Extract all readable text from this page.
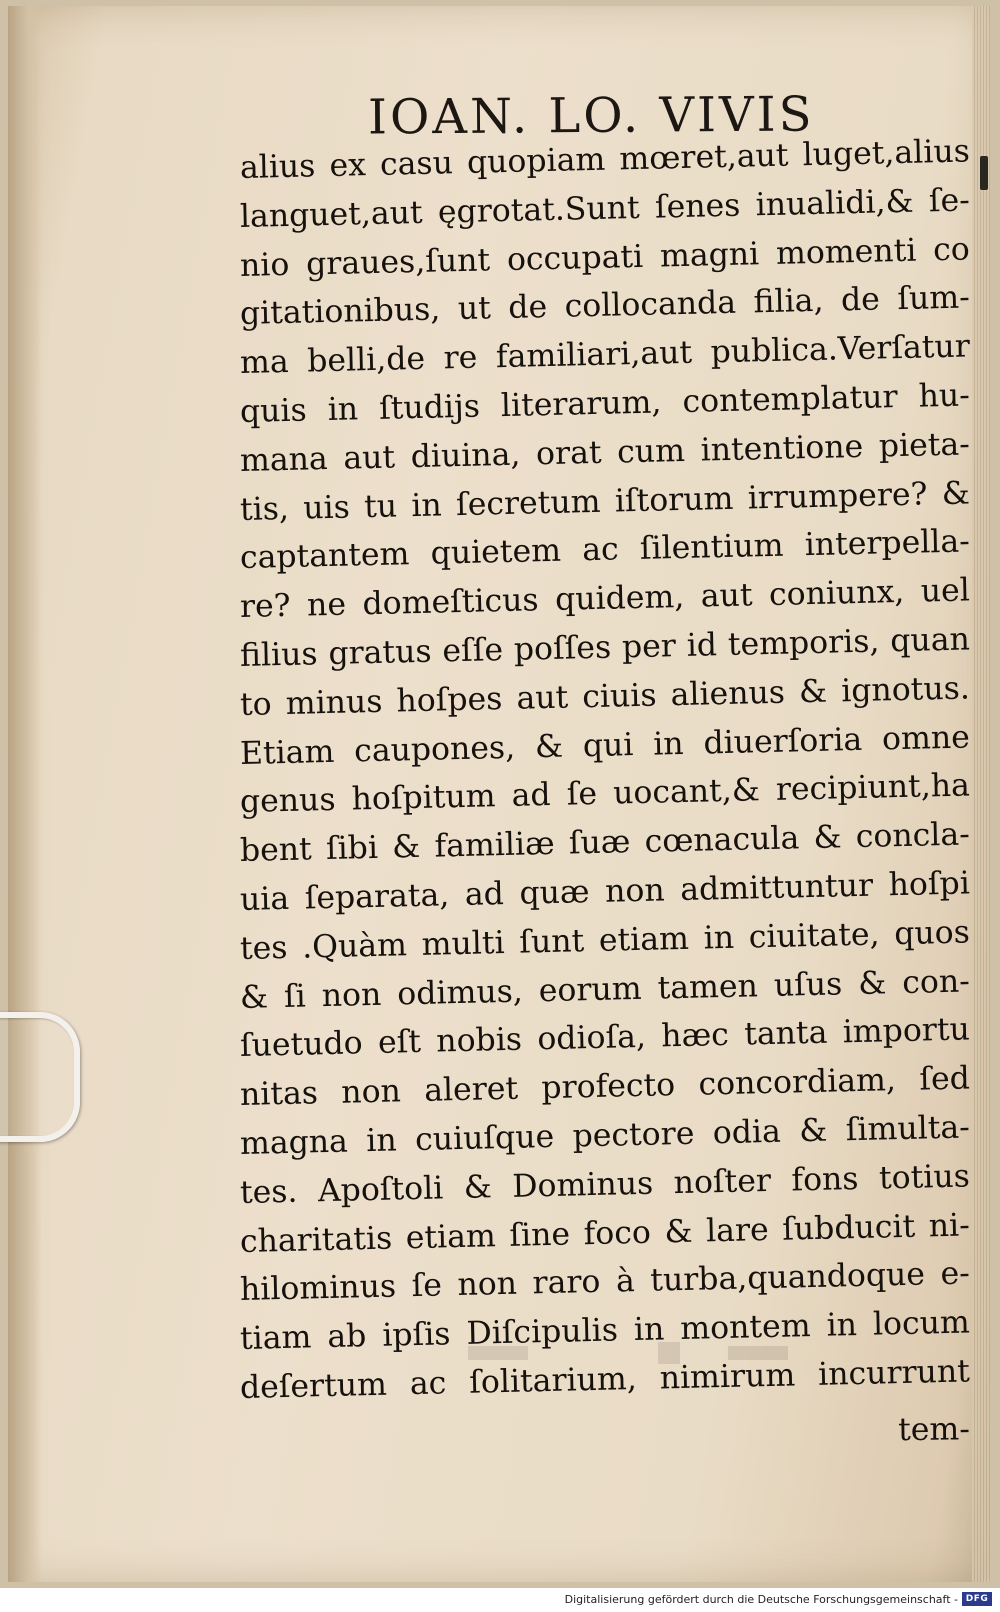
IOAN. LO. VIVIS
alius ex casu quopiam mœret,aut luget,alius
languet,aut ęgrotat.Sunt ſenes inualidi,& ſe-
nio graues,ſunt occupati magni momenti co
gitationibus, ut de collocanda filia, de ſum-
ma belli,de re familiari,aut publica.Verſatur
quis in ſtudijs literarum, contemplatur hu-
mana aut diuina, orat cum intentione pieta-
tis, uis tu in ſecretum iſtorum irrumpere? &
captantem quietem ac ſilentium interpella-
re? ne domeſticus quidem, aut coniunx, uel
filius gratus eſſe poſſes per id temporis, quan
to minus hoſpes aut ciuis alienus & ignotus.
Etiam caupones, & qui in diuerſoria omne
genus hoſpitum ad ſe uocant,& recipiunt,ha
bent ſibi & familiæ ſuæ cœnacula & concla-
uia ſeparata, ad quæ non admittuntur hoſpi
tes .Quàm multi ſunt etiam in ciuitate, quos
& ſi non odimus, eorum tamen uſus & con-
ſuetudo eſt nobis odioſa, hæc tanta importu
nitas non aleret profecto concordiam, ſed
magna in cuiuſque pectore odia & ſimulta-
tes. Apoſtoli & Dominus noſter fons totius
charitatis etiam ſine foco & lare ſubducit ni-
hilominus ſe non raro à turba,quandoque e-
tiam ab ipſis Diſcipulis in montem in locum
deſertum ac ſolitarium, nimirum incurrunt
tem-
Digitalisierung gefördert durch die Deutsche Forschungsgemeinschaft - DFG
